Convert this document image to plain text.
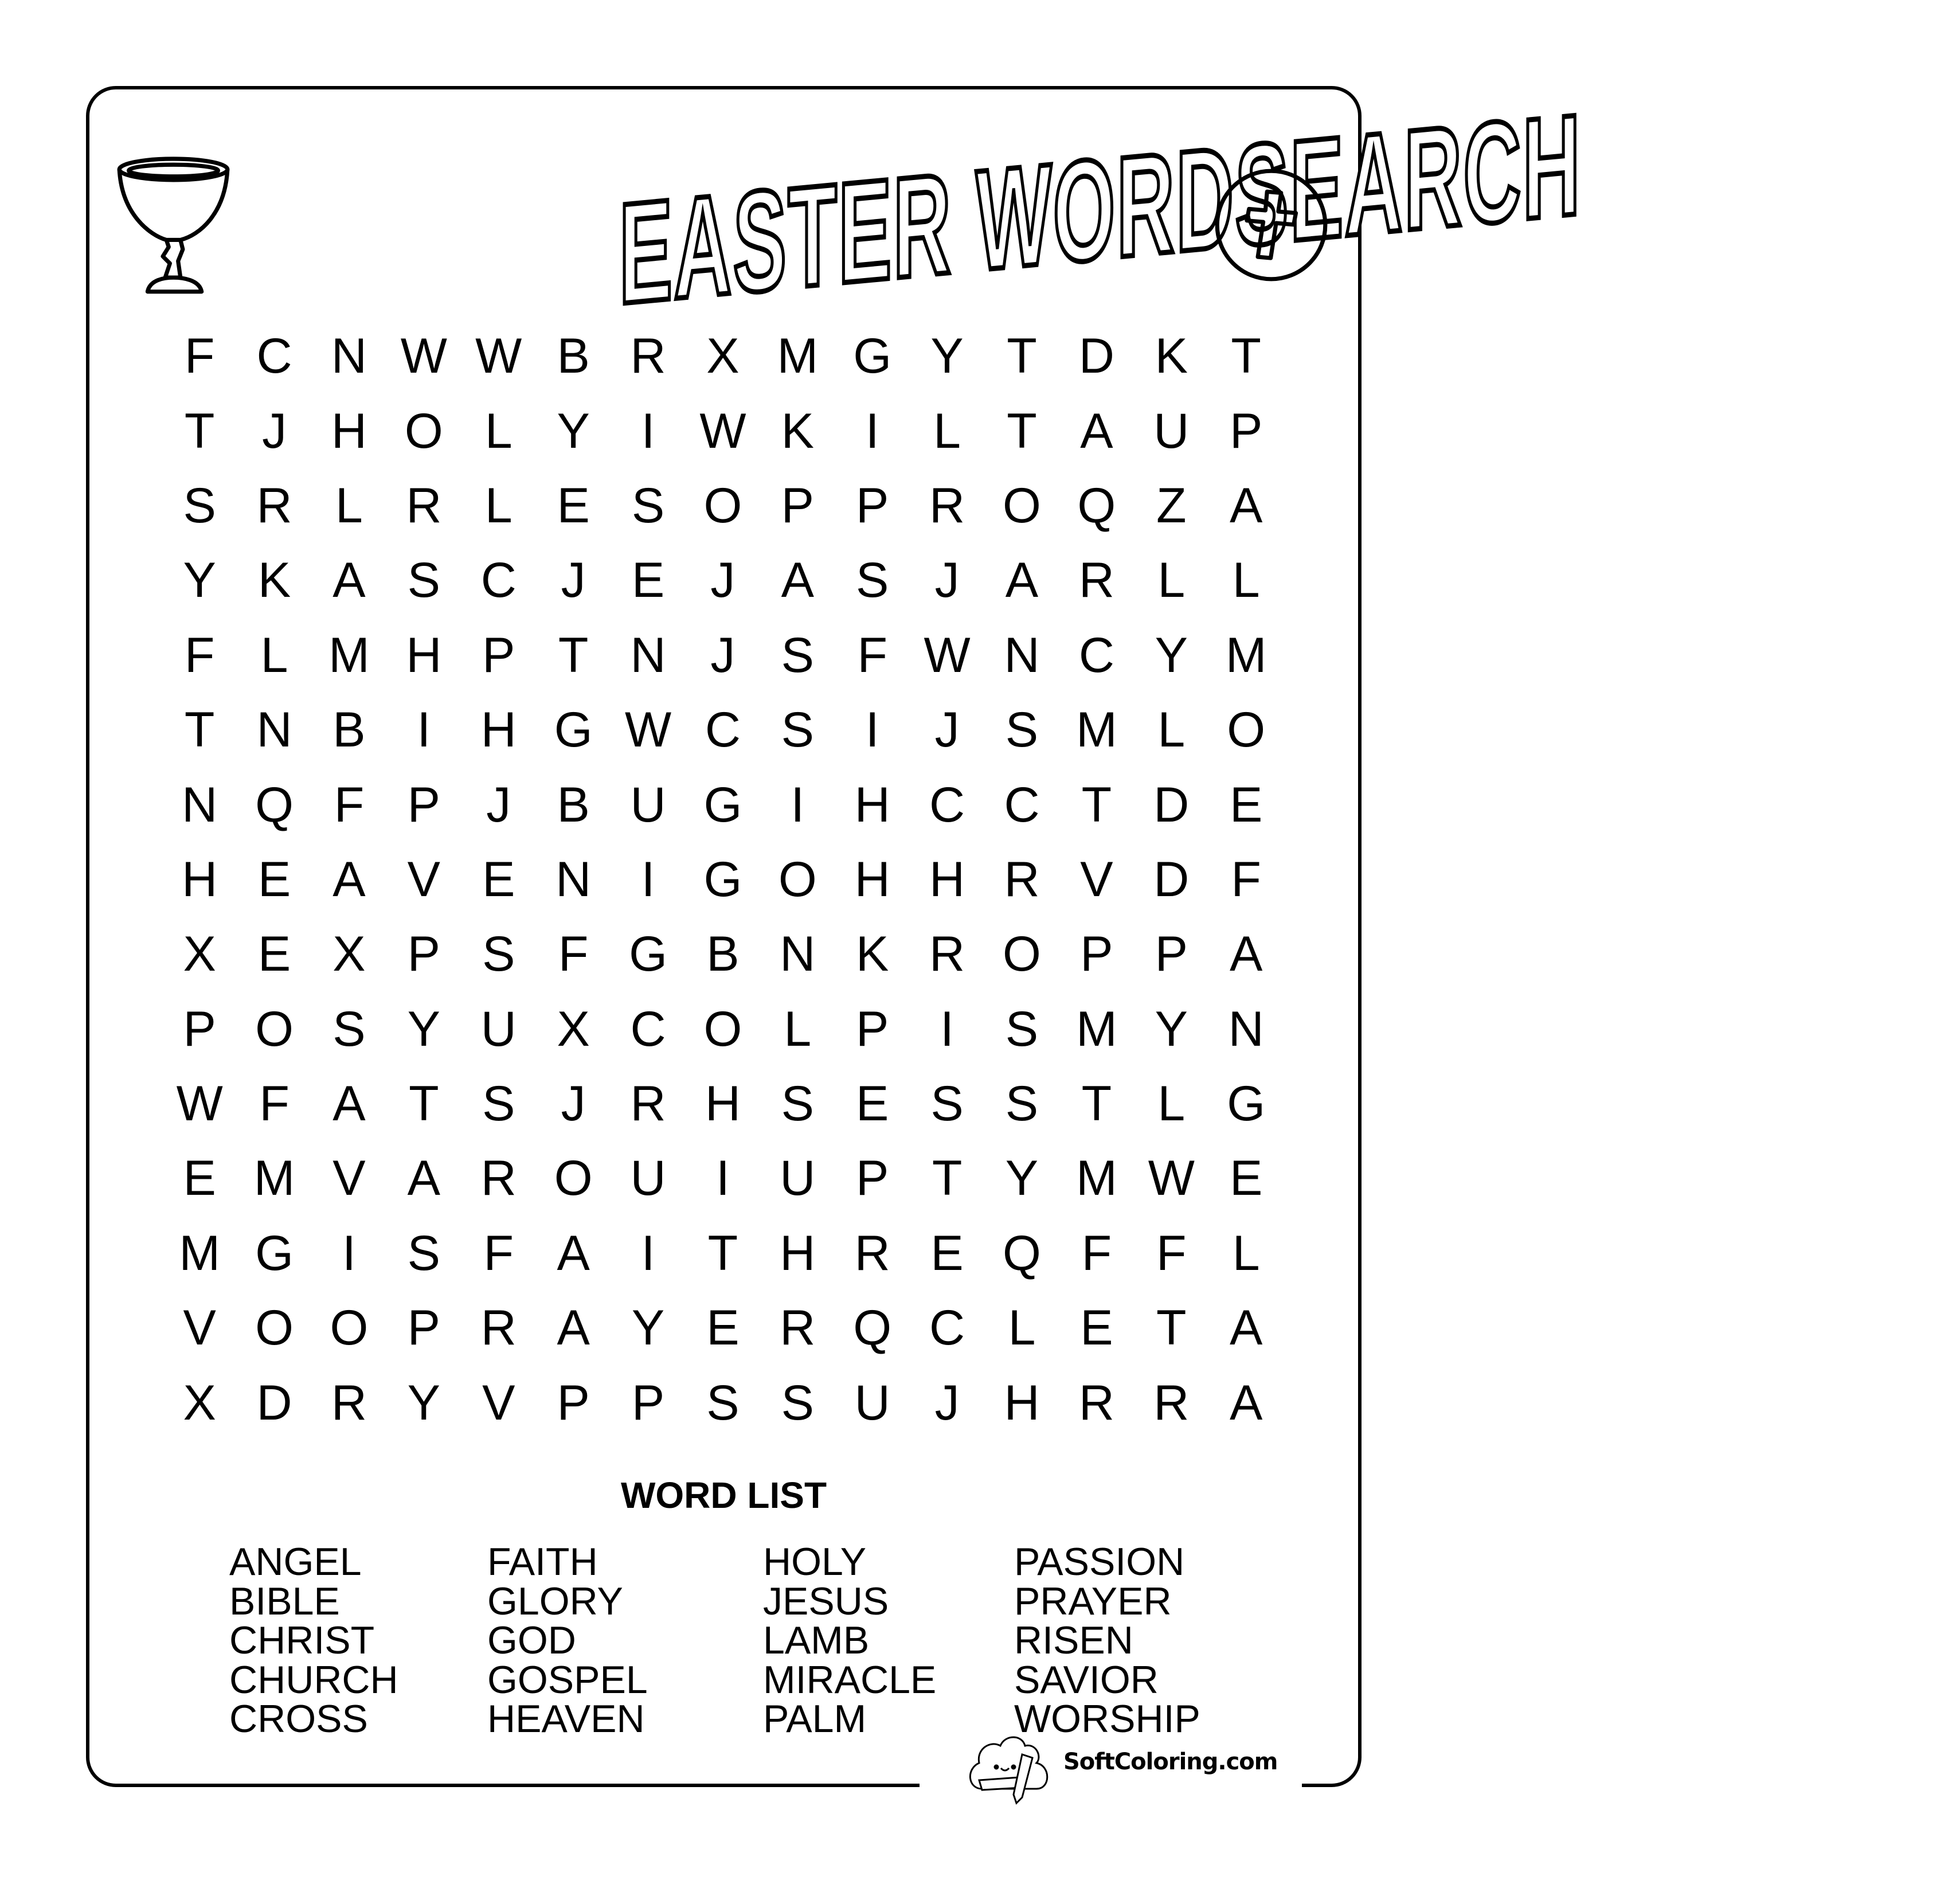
EASTER WORDSEARCH
F C N W W B R X M G Y T D K T
T J H O L Y	I W K	I	L T A U P
S R L R L E S O P P R O Q Z A
Y K A S C J E J A S J A R L L
F L M H P T N J S F W N C Y M
T N B	I	H G W C S	I	J S M L O
N Q F P J B U G I	H C C T D E
H E A V E N	I G O H H R V D F
X E X P S F G B N K R O P P A
P O S Y U X C O L P	I	S M Y N
W F A T S J R H S E S S T L G
E M V A R O U	I	U P T Y M W E
M G I	S F A	I	T H R E Q F F L
V O O P R A Y E R Q C L E T A
X D R Y V P P S S U J H R R A
WORD LIST
ANGEL
BIBLE
CHRIST
CHURCH
CROSS
FAITH
GLORY
GOD
GOSPEL
HEAVEN
HOLY
JESUS
LAMB
MIRACLE
PALM
PASSION
PRAYER
RISEN
SAVIOR
WORSHIP
SoftColoring.com
